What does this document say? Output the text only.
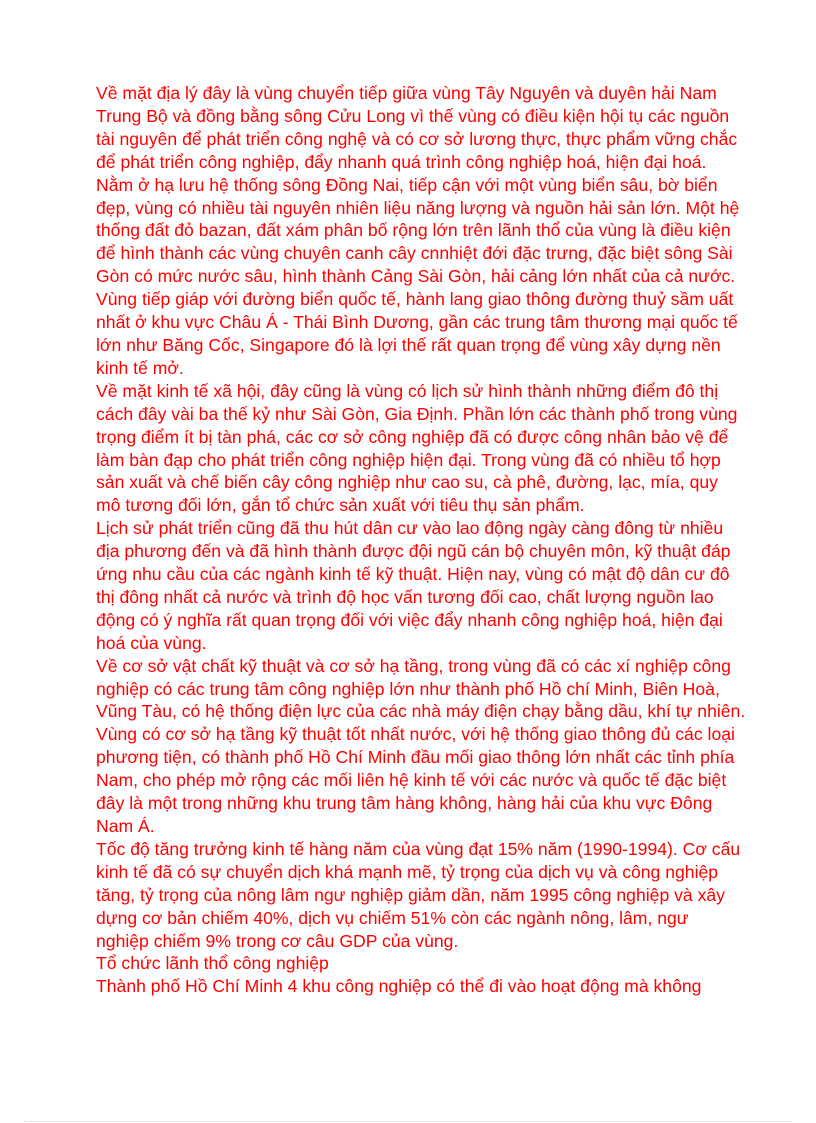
Về mặt địa lý đây là vùng chuyển tiếp giữa vùng Tây Nguyên và duyên hải Nam Trung Bộ và đồng bằng sông Cửu Long vì thế vùng có điều kiện hội tụ các nguồn tài nguyên để phát triển công nghệ và có cơ sở lương thực, thực phẩm vững chắc để phát triển công nghiệp, đẩy nhanh quá trình công nghiệp hoá, hiện đại hoá.

Nằm ở hạ lưu hệ thống sông Đồng Nai, tiếp cận với một vùng biển sâu, bờ biển đẹp, vùng có nhiều tài nguyên nhiên liệu năng lượng và nguồn hải sản lớn. Một hệ thống đất đỏ bazan, đất xám phân bố rộng lớn trên lãnh thổ của vùng là điều kiện để hình thành các vùng chuyên canh cây cnnhiệt đới đặc trưng, đặc biệt sông Sài Gòn có mức nước sâu, hình thành Cảng Sài Gòn, hải cảng lớn nhất của cả nước. Vùng tiếp giáp với đường biển quốc tế, hành lang giao thông đường thuỷ sầm uất nhất ở khu vực Châu Á - Thái Bình Dương, gần các trung tâm thương mại quốc tế lớn như Băng Cốc, Singapore đó là lợi thế rất quan trọng để vùng xây dựng nền kinh tế mở.

Về mặt kinh tế xã hội, đây cũng là vùng có lịch sử hình thành những điểm đô thị cách đây vài ba thế kỷ như Sài Gòn, Gia Định. Phần lớn các thành phố trong vùng trọng điểm ít bị tàn phá, các cơ sở công nghiệp đã có được công nhân bảo vệ để làm bàn đạp cho phát triển công nghiệp hiện đại. Trong vùng đã có nhiều tổ hợp sản xuất và chế biến cây công nghiệp như cao su, cà phê, đường, lạc, mía, quy mô tương đối lớn, gắn tổ chức sản xuất với tiêu thụ sản phẩm.

Lịch sử phát triển cũng đã thu hút dân cư vào lao động ngày càng đông từ nhiều địa phương đến và đã hình thành được đội ngũ cán bộ chuyên môn, kỹ thuật đáp ứng nhu cầu của các ngành kinh tế kỹ thuật. Hiện nay, vùng có mật độ dân cư đô thị đông nhất cả nước và trình độ học vấn tương đối cao, chất lượng nguồn lao động có ý nghĩa rất quan trọng đối với việc đẩy nhanh công nghiệp hoá, hiện đại hoá của vùng.

Về cơ sở vật chất kỹ thuật và cơ sở hạ tầng, trong vùng đã có các xí nghiệp công nghiệp có các trung tâm công nghiệp lớn như thành phố Hồ chí Minh, Biên Hoà, Vũng Tàu, có hệ thống điện lực của các nhà máy điện chạy bằng dầu, khí tự nhiên. Vùng có cơ sở hạ tầng kỹ thuật tốt nhất nước, với hệ thống giao thông đủ các loại phương tiện, có thành phố Hồ Chí Minh đầu mối giao thông lớn nhất các tỉnh phía Nam, cho phép mở rộng các mối liên hệ kinh tế với các nước và quốc tế đặc biệt đây là một trong những khu trung tâm hàng không, hàng hải của khu vực Đông Nam Á.

Tốc độ tăng trưởng kinh tế hàng năm của vùng đạt 15% năm (1990-1994). Cơ cấu kinh tế đã có sự chuyển dịch khá mạnh mẽ, tỷ trọng của dịch vụ và công nghiệp tăng, tỷ trọng của nông lâm ngư nghiệp giảm dần, năm 1995 công nghiệp và xây dựng cơ bản chiếm 40%, dịch vụ chiếm 51% còn các ngành nông, lâm, ngư nghiệp chiếm 9% trong cơ câu GDP của vùng.

Tổ chức lãnh thổ công nghiệp

Thành phố Hồ Chí Minh 4 khu công nghiệp có thể đi vào hoạt động mà không
